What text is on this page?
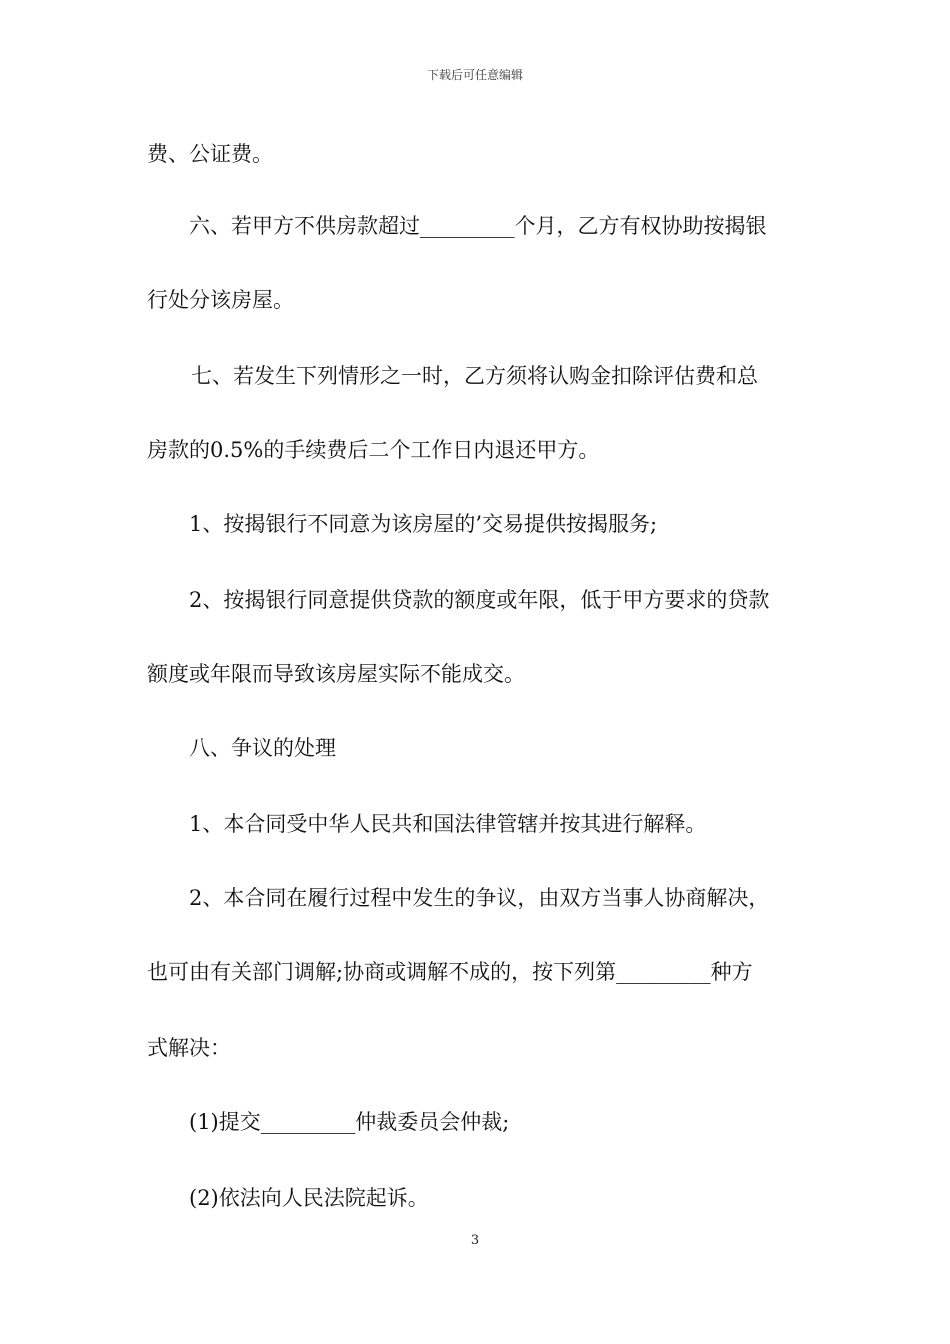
下载后可任意编辑
费、公证费。
六、若甲方不供房款超过_________个月，乙方有权协助按揭银
行处分该房屋。
七、若发生下列情形之一时，乙方须将认购金扣除评估费和总
房款的0.5%的手续费后二个工作日内退还甲方。
1、按揭银行不同意为该房屋的’交易提供按揭服务;
2、按揭银行同意提供贷款的额度或年限，低于甲方要求的贷款
额度或年限而导致该房屋实际不能成交。
八、争议的处理
1、本合同受中华人民共和国法律管辖并按其进行解释。
2、本合同在履行过程中发生的争议，由双方当事人协商解决，
也可由有关部门调解;协商或调解不成的，按下列第_________种方
式解决：
(1)提交_________仲裁委员会仲裁;
(2)依法向人民法院起诉。
3
